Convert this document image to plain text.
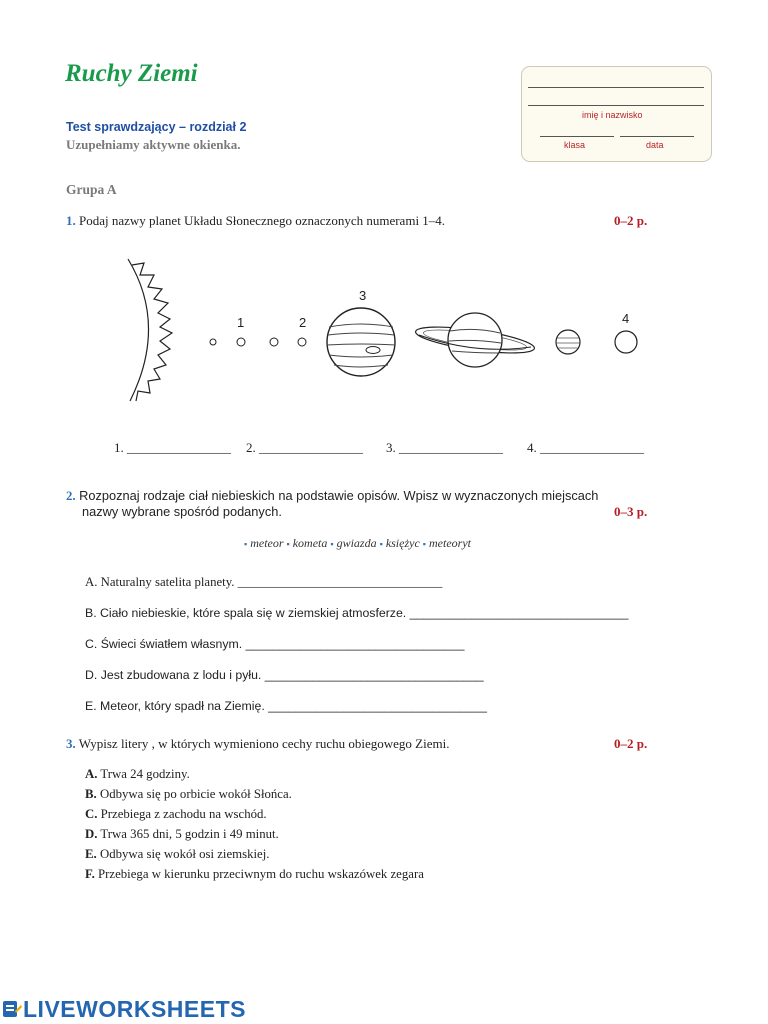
Ruchy Ziemi
Test sprawdzający – rozdział 2
Uzupełniamy aktywne okienka.
imię i nazwisko
klasa	data
Grupa A
1. Podaj nazwy planet Układu Słonecznego oznaczonych numerami 1–4.	0–2 p.
1	2
3
4
1. ________________ 2. ________________ 3. ________________ 4. ________________
2. Rozpoznaj rodzaje ciał niebieskich na podstawie opisów. Wpisz w wyznaczonych miejscach
nazwy wybrane spośród podanych.	0–3 p.
▪ meteor ▪ kometa ▪ gwiazda ▪ księżyc ▪ meteoryt
A. Naturalny satelita planety. ________________________________
B. Ciało niebieskie, które spala się w ziemskiej atmosferze. ________________________________
C. Świeci światłem własnym. ________________________________
D. Jest zbudowana z lodu i pyłu. ________________________________
E. Meteor, który spadł na Ziemię. ________________________________
3. Wypisz litery , w których wymieniono cechy ruchu obiegowego Ziemi.	0–2 p.
A. Trwa 24 godziny.
B. Odbywa się po orbicie wokół Słońca.
C. Przebiega z zachodu na wschód.
D. Trwa 365 dni, 5 godzin i 49 minut.
E. Odbywa się wokół osi ziemskiej.
F. Przebiega w kierunku przeciwnym do ruchu wskazówek zegara
LIVEWORKSHEETS
